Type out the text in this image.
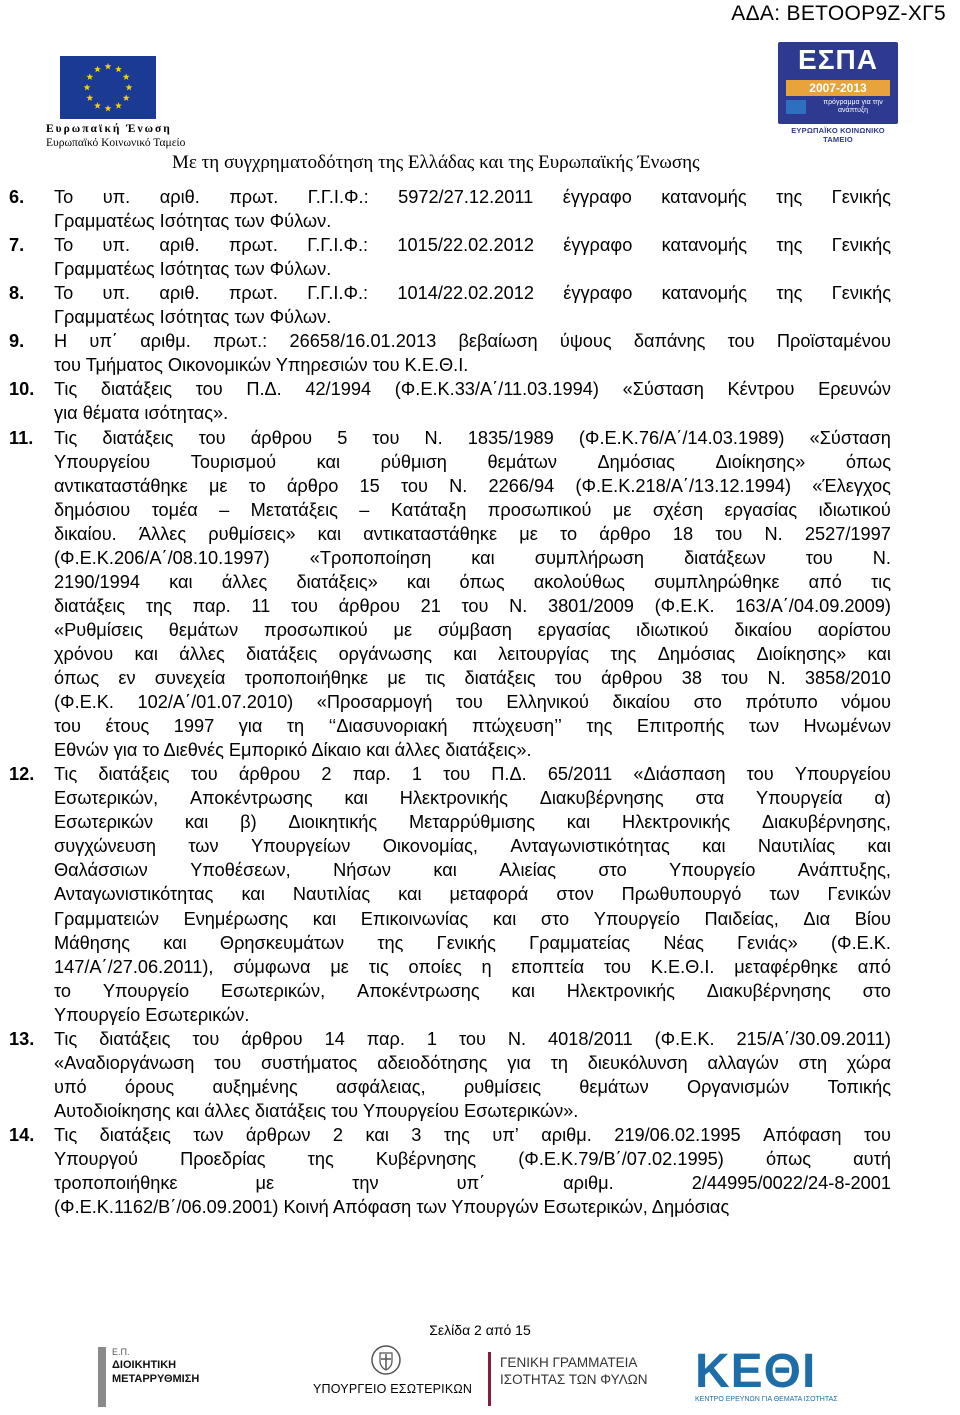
ΑΔΑ: ΒΕΤΟΟΡ9Ζ-ΧΓ5
Ευρωπαϊκή Ένωση
Ευρωπαϊκό Κοινωνικό Ταμείο
ΕΣΠΑ
2007-2013
πρόγραμμα για την ανάπτυξη
ΕΥΡΩΠΑΪΚΟ ΚΟΙΝΩΝΙΚΟ ΤΑΜΕΙΟ
Με τη συγχρηματοδότηση της Ελλάδας και της Ευρωπαϊκής Ένωσης
6. Το υπ. αριθ. πρωτ. Γ.Γ.Ι.Φ.: 5972/27.12.2011 έγγραφο κατανομής της Γενικής
Γραμματέως Ισότητας των Φύλων.
7. Το υπ. αριθ. πρωτ. Γ.Γ.Ι.Φ.: 1015/22.02.2012 έγγραφο κατανομής της Γενικής
Γραμματέως Ισότητας των Φύλων.
8. Το υπ. αριθ. πρωτ. Γ.Γ.Ι.Φ.: 1014/22.02.2012 έγγραφο κατανομής της Γενικής
Γραμματέως Ισότητας των Φύλων.
9. Η υπ΄ αριθμ. πρωτ.: 26658/16.01.2013 βεβαίωση ύψους δαπάνης του Προϊσταμένου
του Τμήματος Οικονομικών Υπηρεσιών του Κ.Ε.Θ.Ι.
10. Τις διατάξεις του Π.Δ. 42/1994 (Φ.Ε.Κ.33/Α΄/11.03.1994) «Σύσταση Κέντρου Ερευνών
για θέματα ισότητας».
11. Τις διατάξεις του άρθρου 5 του Ν. 1835/1989 (Φ.Ε.Κ.76/Α΄/14.03.1989) «Σύσταση
Υπουργείου Τουρισμού και ρύθμιση θεμάτων Δημόσιας Διοίκησης» όπως
αντικαταστάθηκε με το άρθρο 15 του Ν. 2266/94 (Φ.Ε.Κ.218/Α΄/13.12.1994) «Έλεγχος
δημόσιου τομέα – Μετατάξεις – Κατάταξη προσωπικού με σχέση εργασίας ιδιωτικού
δικαίου. Άλλες ρυθμίσεις» και αντικαταστάθηκε με το άρθρο 18 του Ν. 2527/1997
(Φ.Ε.Κ.206/Α΄/08.10.1997) «Τροποποίηση και συμπλήρωση διατάξεων του Ν.
2190/1994 και άλλες διατάξεις» και όπως ακολούθως συμπληρώθηκε από τις
διατάξεις της παρ. 11 του άρθρου 21 του Ν. 3801/2009 (Φ.Ε.Κ. 163/Α΄/04.09.2009)
«Ρυθμίσεις θεμάτων προσωπικού με σύμβαση εργασίας ιδιωτικού δικαίου αορίστου
χρόνου και άλλες διατάξεις οργάνωσης και λειτουργίας της Δημόσιας Διοίκησης» και
όπως εν συνεχεία τροποποιήθηκε με τις διατάξεις του άρθρου 38 του Ν. 3858/2010
(Φ.Ε.Κ. 102/Α΄/01.07.2010) «Προσαρμογή του Ελληνικού δικαίου στο πρότυπο νόμου
του έτους 1997 για τη ‘‘Διασυνοριακή πτώχευση’’ της Επιτροπής των Ηνωμένων
Εθνών για το Διεθνές Εμπορικό Δίκαιο και άλλες διατάξεις».
12. Τις διατάξεις του άρθρου 2 παρ. 1 του Π.Δ. 65/2011 «Διάσπαση του Υπουργείου
Εσωτερικών, Αποκέντρωσης και Ηλεκτρονικής Διακυβέρνησης στα Υπουργεία α)
Εσωτερικών και β) Διοικητικής Μεταρρύθμισης και Ηλεκτρονικής Διακυβέρνησης,
συγχώνευση των Υπουργείων Οικονομίας, Ανταγωνιστικότητας και Ναυτιλίας και
Θαλάσσιων Υποθέσεων, Νήσων και Αλιείας στο Υπουργείο Ανάπτυξης,
Ανταγωνιστικότητας και Ναυτιλίας και μεταφορά στον Πρωθυπουργό των Γενικών
Γραμματειών Ενημέρωσης και Επικοινωνίας και στο Υπουργείο Παιδείας, Δια Βίου
Μάθησης και Θρησκευμάτων της Γενικής Γραμματείας Νέας Γενιάς» (Φ.Ε.Κ.
147/Α΄/27.06.2011), σύμφωνα με τις οποίες η εποπτεία του Κ.Ε.Θ.Ι. μεταφέρθηκε από
το Υπουργείο Εσωτερικών, Αποκέντρωσης και Ηλεκτρονικής Διακυβέρνησης στο
Υπουργείο Εσωτερικών.
13. Τις διατάξεις του άρθρου 14 παρ. 1 του Ν. 4018/2011 (Φ.Ε.Κ. 215/Α΄/30.09.2011)
«Αναδιοργάνωση του συστήματος αδειοδότησης για τη διευκόλυνση αλλαγών στη χώρα
υπό όρους αυξημένης ασφάλειας, ρυθμίσεις θεμάτων Οργανισμών Τοπικής
Αυτοδιοίκησης και άλλες διατάξεις του Υπουργείου Εσωτερικών».
14. Τις διατάξεις των άρθρων 2 και 3 της υπ’ αριθμ. 219/06.02.1995 Απόφαση του
Υπουργού Προεδρίας της Κυβέρνησης (Φ.Ε.Κ.79/Β΄/07.02.1995) όπως αυτή
τροποποιήθηκε	με	την	υπ΄	αριθμ.	2/44995/0022/24-8-2001
(Φ.Ε.Κ.1162/Β΄/06.09.2001) Κοινή Απόφαση των Υπουργών Εσωτερικών, Δημόσιας
Σελίδα 2 από 15
Ε.Π.
ΔΙΟΙΚΗΤΙΚΗ
ΜΕΤΑΡΡΥΘΜΙΣΗ
ΥΠΟΥΡΓΕΙΟ ΕΣΩΤΕΡΙΚΩΝ
ΓΕΝΙΚΗ ΓΡΑΜΜΑΤΕΙΑ
ΙΣΟΤΗΤΑΣ ΤΩΝ ΦΥΛΩΝ ΚΕΘΙ
ΚΕΝΤΡΟ ΕΡΕΥΝΩΝ ΓΙΑ ΘΕΜΑΤΑ ΙΣΟΤΗΤΑΣ
